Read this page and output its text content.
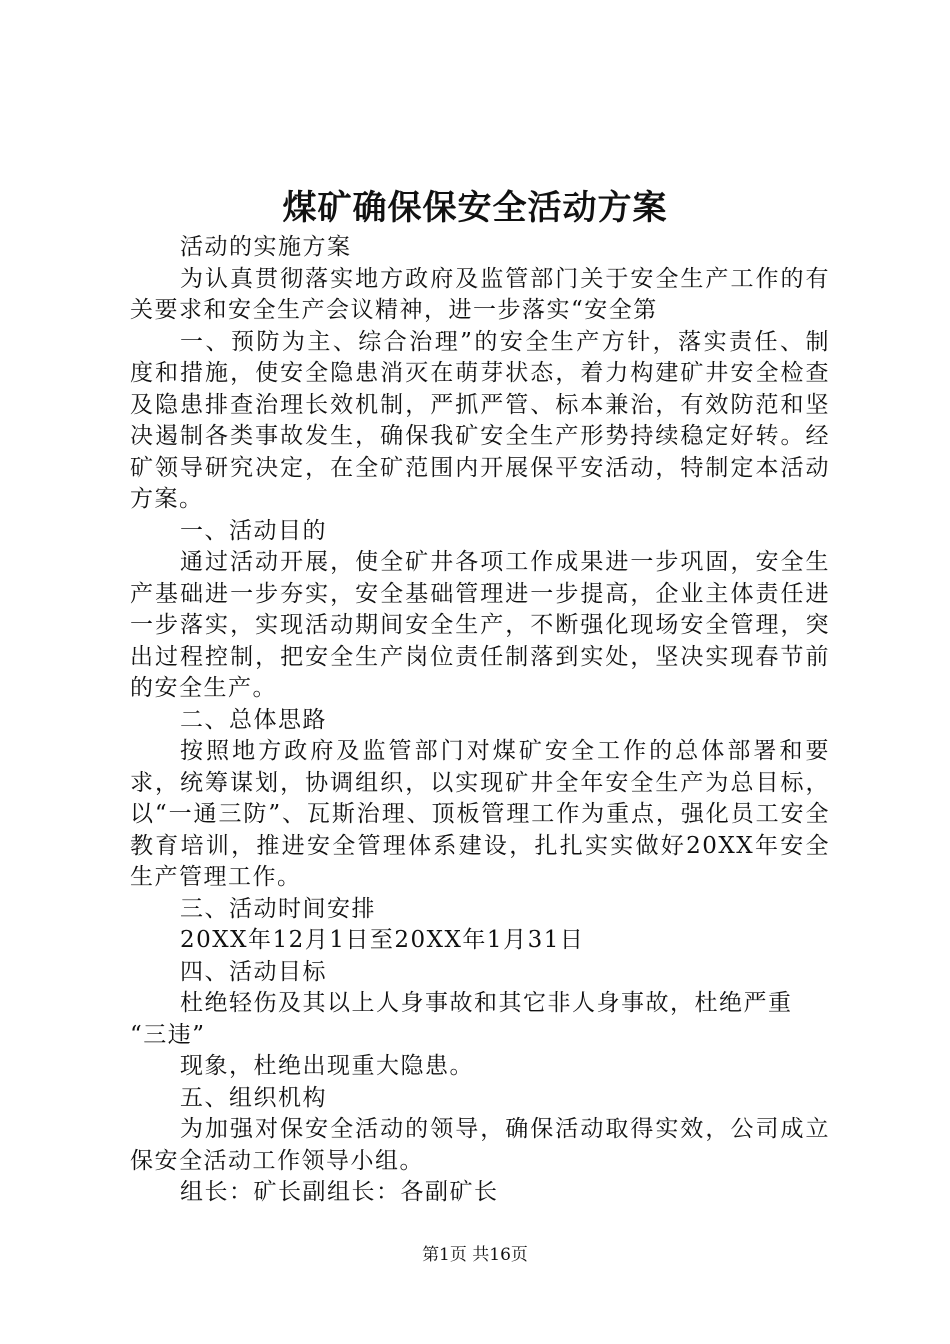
煤矿确保保安全活动方案

活动的实施方案

为认真贯彻落实地方政府及监管部门关于安全生产工作的有关要求和安全生产会议精神，进一步落实“安全第

一、预防为主、综合治理”的安全生产方针，落实责任、制度和措施，使安全隐患消灭在萌芽状态，着力构建矿井安全检查及隐患排查治理长效机制，严抓严管、标本兼治，有效防范和坚决遏制各类事故发生，确保我矿安全生产形势持续稳定好转。经矿领导研究决定，在全矿范围内开展保平安活动，特制定本活动方案。

一、活动目的

通过活动开展，使全矿井各项工作成果进一步巩固，安全生产基础进一步夯实，安全基础管理进一步提高，企业主体责任进一步落实，实现活动期间安全生产，不断强化现场安全管理，突出过程控制，把安全生产岗位责任制落到实处，坚决实现春节前的安全生产。

二、总体思路

按照地方政府及监管部门对煤矿安全工作的总体部署和要求，统筹谋划，协调组织，以实现矿井全年安全生产为总目标，以“一通三防”、瓦斯治理、顶板管理工作为重点，强化员工安全教育培训，推进安全管理体系建设，扎扎实实做好20XX年安全生产管理工作。

三、活动时间安排

20XX年12月1日至20XX年1月31日

四、活动目标

杜绝轻伤及其以上人身事故和其它非人身事故，杜绝严重

“三违”

现象，杜绝出现重大隐患。

五、组织机构

为加强对保安全活动的领导，确保活动取得实效，公司成立保安全活动工作领导小组。

组长：矿长副组长：各副矿长

第1页 共16页
